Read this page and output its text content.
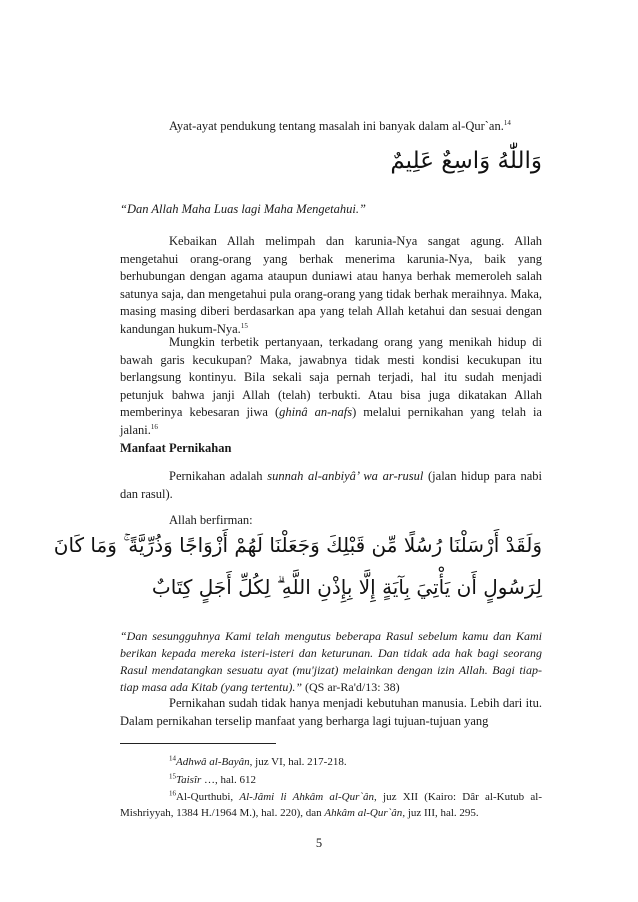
Ayat-ayat pendukung tentang masalah ini banyak dalam al-Qur`an.$^{14}$
وَاللّٰهُ وَاسِعٌ عَلِيمٌ
“Dan Allah Maha Luas lagi Maha Mengetahui.”
Kebaikan Allah melimpah dan karunia-Nya sangat agung. Allah mengetahui orang-orang yang berhak menerima karunia-Nya, baik yang berhubungan dengan agama ataupun duniawi atau hanya berhak memeroleh salah satunya saja, dan mengetahui pula orang-orang yang tidak berhak meraihnya. Maka, masing masing diberi berdasarkan apa yang telah Allah ketahui dan sesuai dengan kandungan hukum-Nya.$^{15}$
Mungkin terbetik pertanyaan, terkadang orang yang menikah hidup di bawah garis kecukupan? Maka, jawabnya tidak mesti kondisi kecukupan itu berlangsung kontinyu. Bila sekali saja pernah terjadi, hal itu sudah menjadi petunjuk bahwa janji Allah (telah) terbukti. Atau bisa juga dikatakan Allah memberinya kebesaran jiwa (ghinâ an-nafs) melalui pernikahan yang telah ia jalani.$^{16}$
Manfaat Pernikahan
Pernikahan adalah sunnah al-anbiyâ’ wa ar-rusul (jalan hidup para nabi dan rasul).
Allah berfirman:
وَلَقَدْ أَرْسَلْنَا رُسُلًا مِّن قَبْلِكَ وَجَعَلْنَا لَهُمْ أَزْوَاجًا وَذُرِّيَّةً ۚ وَمَا كَانَ
لِرَسُولٍ أَن يَأْتِيَ بِآيَةٍ إِلَّا بِإِذْنِ اللَّهِ ۗ لِكُلِّ أَجَلٍ كِتَابٌ
“Dan sesungguhnya Kami telah mengutus beberapa Rasul sebelum kamu dan Kami berikan kepada mereka isteri-isteri dan keturunan. Dan tidak ada hak bagi seorang Rasul mendatangkan sesuatu ayat (mu'jizat) melainkan dengan izin Allah. Bagi tiap-tiap masa ada Kitab (yang tertentu).” (QS ar-Ra'd/13: 38)
Pernikahan sudah tidak hanya menjadi kebutuhan manusia. Lebih dari itu. Dalam pernikahan terselip manfaat yang berharga lagi tujuan-tujuan yang
$^{14}$Adhwâ al-Bayân, juz VI, hal. 217-218.
$^{15}$Taisîr …, hal. 612
$^{16}$Al-Qurthubi, Al-Jâmi li Ahkâm al-Qur`ân, juz XII (Kairo: Dâr al-Kutub al-Mishriyyah, 1384 H./1964 M.), hal. 220), dan Ahkâm al-Qur`ân, juz III, hal. 295.
5
